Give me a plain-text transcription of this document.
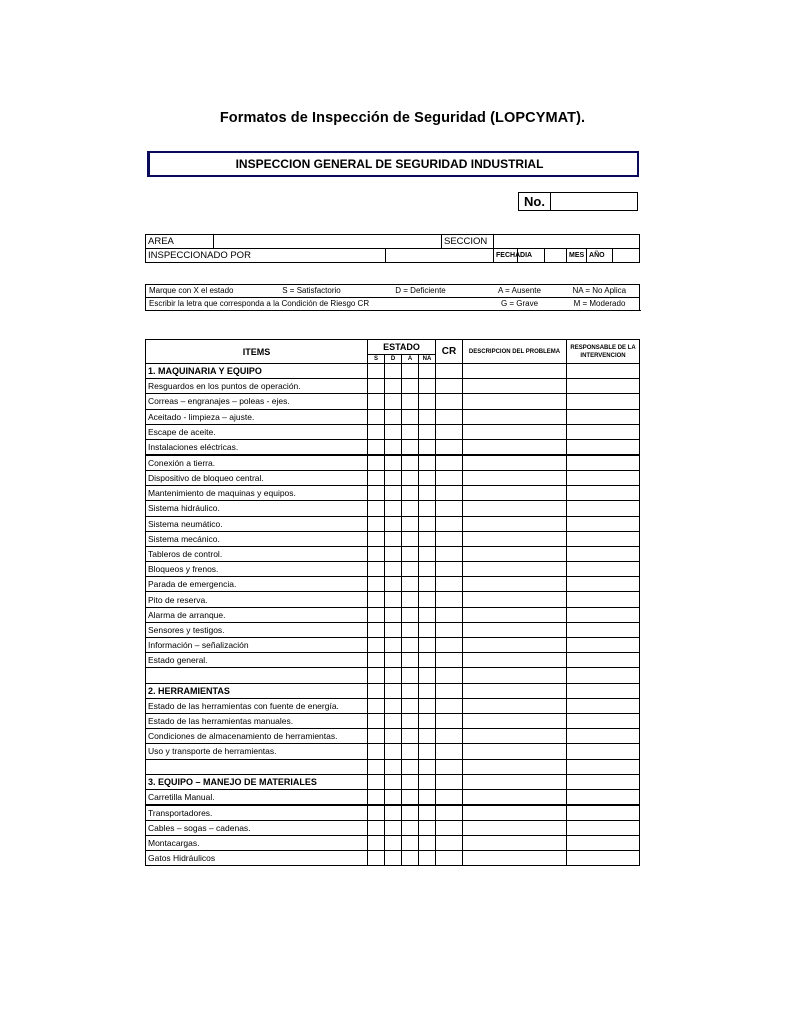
Formatos de Inspección de Seguridad (LOPCYMAT).
INSPECCION GENERAL DE SEGURIDAD INDUSTRIAL
No.
AREA			SECCION						
INSPECCIONADO POR				FECHA	DIA		MES	AÑO	
Marque con X el estado	S = Satisfactorio	D = Deficiente	A = Ausente	NA = No Aplica	
Escribir la letra que corresponda a la Condición de Riesgo CR			G = Grave	M = Moderado	
ITEMS	ESTADO				CR	DESCRIPCION DEL PROBLEMA	RESPONSABLE DE LA INTERVENCION
	S	D	A	NA			
1. MAQUINARIA Y EQUIPO							
Resguardos en los puntos de operación.							
Correas – engranajes – poleas - ejes.							
Aceitado - limpieza – ajuste.							
Escape de aceite.							
Instalaciones eléctricas.							
Conexión a tierra.							
Dispositivo de bloqueo central.							
Mantenimiento de maquinas y equipos.							
Sistema hidráulico.							
Sistema neumático.							
Sistema mecánico.							
Tableros de control.							
Bloqueos y frenos.							
Parada de emergencia.							
Pito de reserva.							
Alarma de arranque.							
Sensores y testigos.							
Información – señalización							
Estado general.							

2. HERRAMIENTAS							
Estado de las herramientas con fuente de energía.							
Estado de las herramientas manuales.							
Condiciones de almacenamiento de herramientas.							
Uso y transporte de herramientas.							

3. EQUIPO – MANEJO DE MATERIALES							
Carretilla Manual.							
Transportadores.							
Cables – sogas – cadenas.							
Montacargas.							
Gatos Hidráulicos							
